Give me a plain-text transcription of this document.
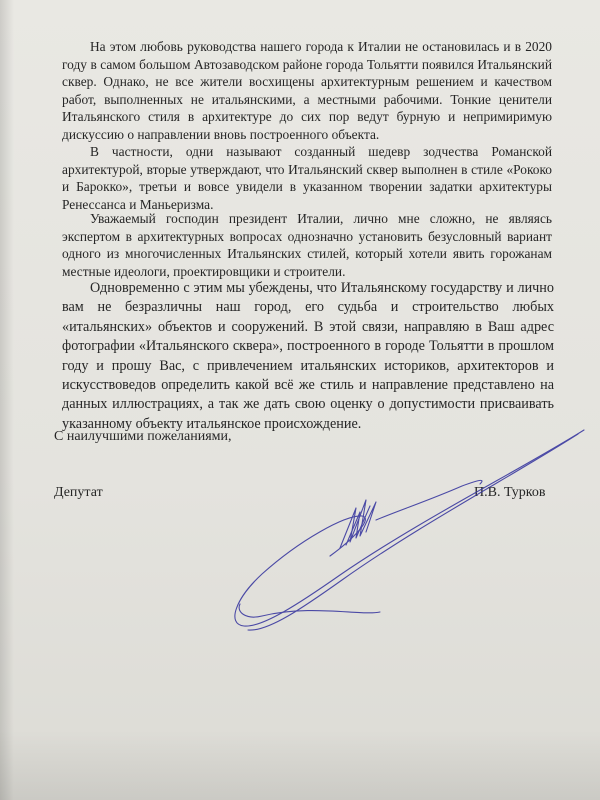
На этом любовь руководства нашего города к Италии не остановилась и в 2020 году в самом большом Автозаводском районе города Тольятти появился Итальянский сквер. Однако, не все жители восхищены архитектурным решением и качеством работ, выполненных не итальянскими, а местными рабочими. Тонкие ценители Итальянского стиля в архитектуре до сих пор ведут бурную и непримиримую дискуссию о направлении вновь построенного объекта.

В частности, одни называют созданный шедевр зодчества Романской архитектурой, вторые утверждают, что Итальянский сквер выполнен в стиле «Рококо и Барокко», третьи и вовсе увидели в указанном творении задатки архитектуры Ренессанса и Маньеризма.

Уважаемый господин президент Италии, лично мне сложно, не являясь экспертом в архитектурных вопросах однозначно установить безусловный вариант одного из многочисленных Итальянских стилей, который хотели явить горожанам местные идеологи, проектировщики и строители.

Одновременно с этим мы убеждены, что Итальянскому государству и лично вам не безразличны наш город, его судьба и строительство любых «итальянских» объектов и сооружений. В этой связи, направляю в Ваш адрес фотографии «Итальянского сквера», построенного в городе Тольятти в прошлом году и прошу Вас, с привлечением итальянских историков, архитекторов и искусствоведов определить какой всё же стиль и направление представлено на данных иллюстрациях, а так же дать свою оценку о допустимости присваивать указанному объекту итальянское происхождение.

С наилучшими пожеланиями,

Депутат	П.В. Турков
